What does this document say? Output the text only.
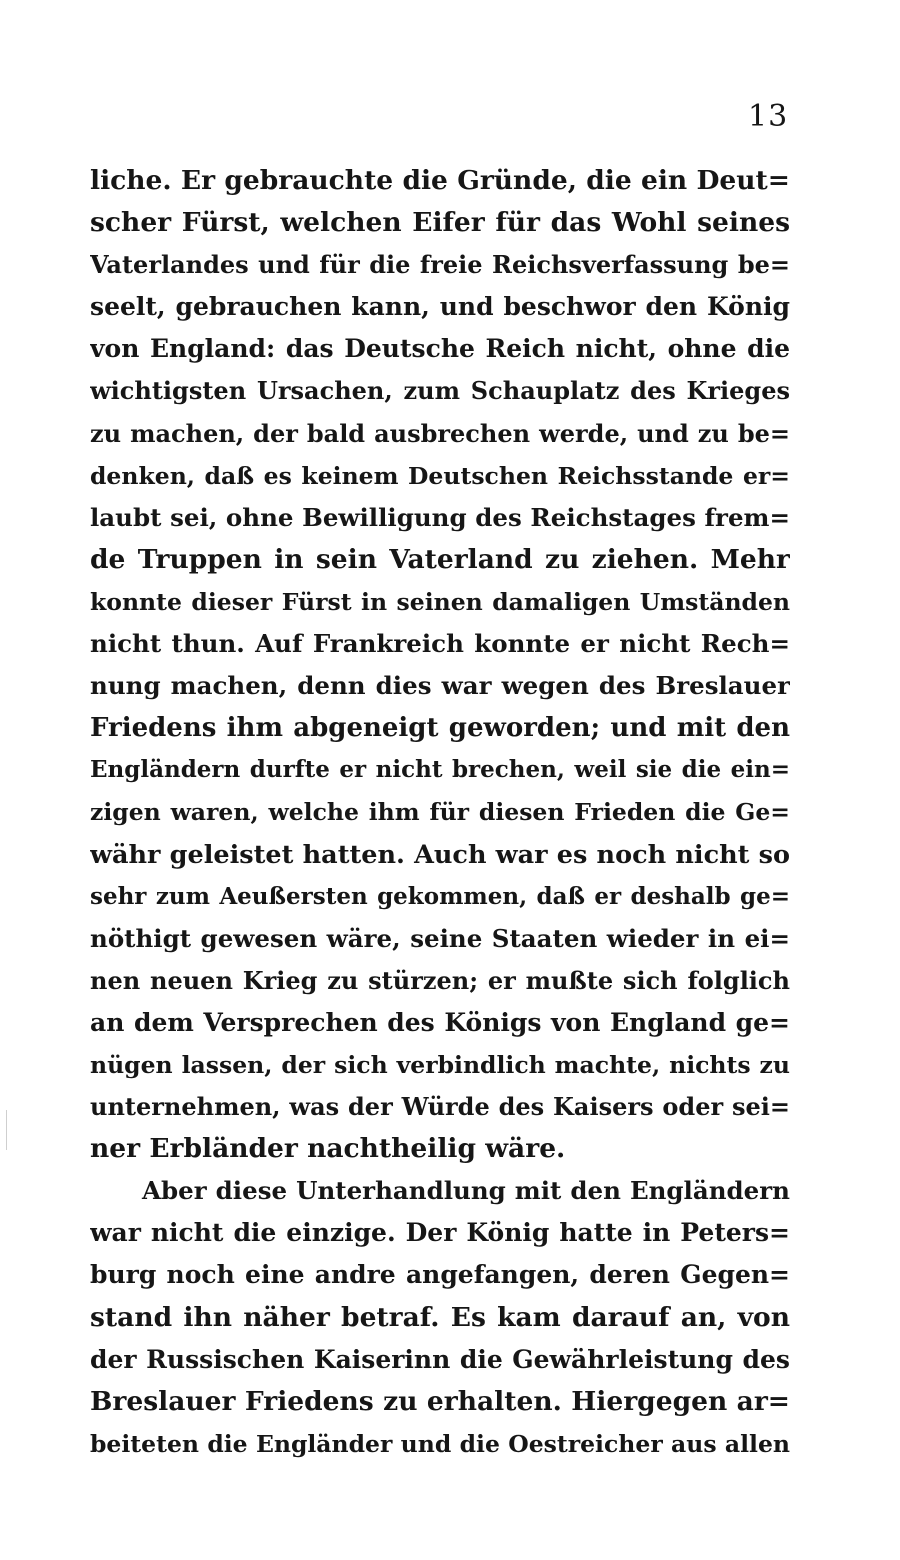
13
liche. Er gebrauchte die Gründe, die ein Deut=
scher Fürst, welchen Eifer für das Wohl seines
Vaterlandes und für die freie Reichsverfassung be=
seelt, gebrauchen kann, und beschwor den König
von England: das Deutsche Reich nicht, ohne die
wichtigsten Ursachen, zum Schauplatz des Krieges
zu machen, der bald ausbrechen werde, und zu be=
denken, daß es keinem Deutschen Reichsstande er=
laubt sei, ohne Bewilligung des Reichstages frem=
de Truppen in sein Vaterland zu ziehen. Mehr
konnte dieser Fürst in seinen damaligen Umständen
nicht thun. Auf Frankreich konnte er nicht Rech=
nung machen, denn dies war wegen des Breslauer
Friedens ihm abgeneigt geworden; und mit den
Engländern durfte er nicht brechen, weil sie die ein=
zigen waren, welche ihm für diesen Frieden die Ge=
währ geleistet hatten. Auch war es noch nicht so
sehr zum Aeußersten gekommen, daß er deshalb ge=
nöthigt gewesen wäre, seine Staaten wieder in ei=
nen neuen Krieg zu stürzen; er mußte sich folglich
an dem Versprechen des Königs von England ge=
nügen lassen, der sich verbindlich machte, nichts zu
unternehmen, was der Würde des Kaisers oder sei=
ner Erbländer nachtheilig wäre.
Aber diese Unterhandlung mit den Engländern
war nicht die einzige. Der König hatte in Peters=
burg noch eine andre angefangen, deren Gegen=
stand ihn näher betraf. Es kam darauf an, von
der Russischen Kaiserinn die Gewährleistung des
Breslauer Friedens zu erhalten. Hiergegen ar=
beiteten die Engländer und die Oestreicher aus allen
